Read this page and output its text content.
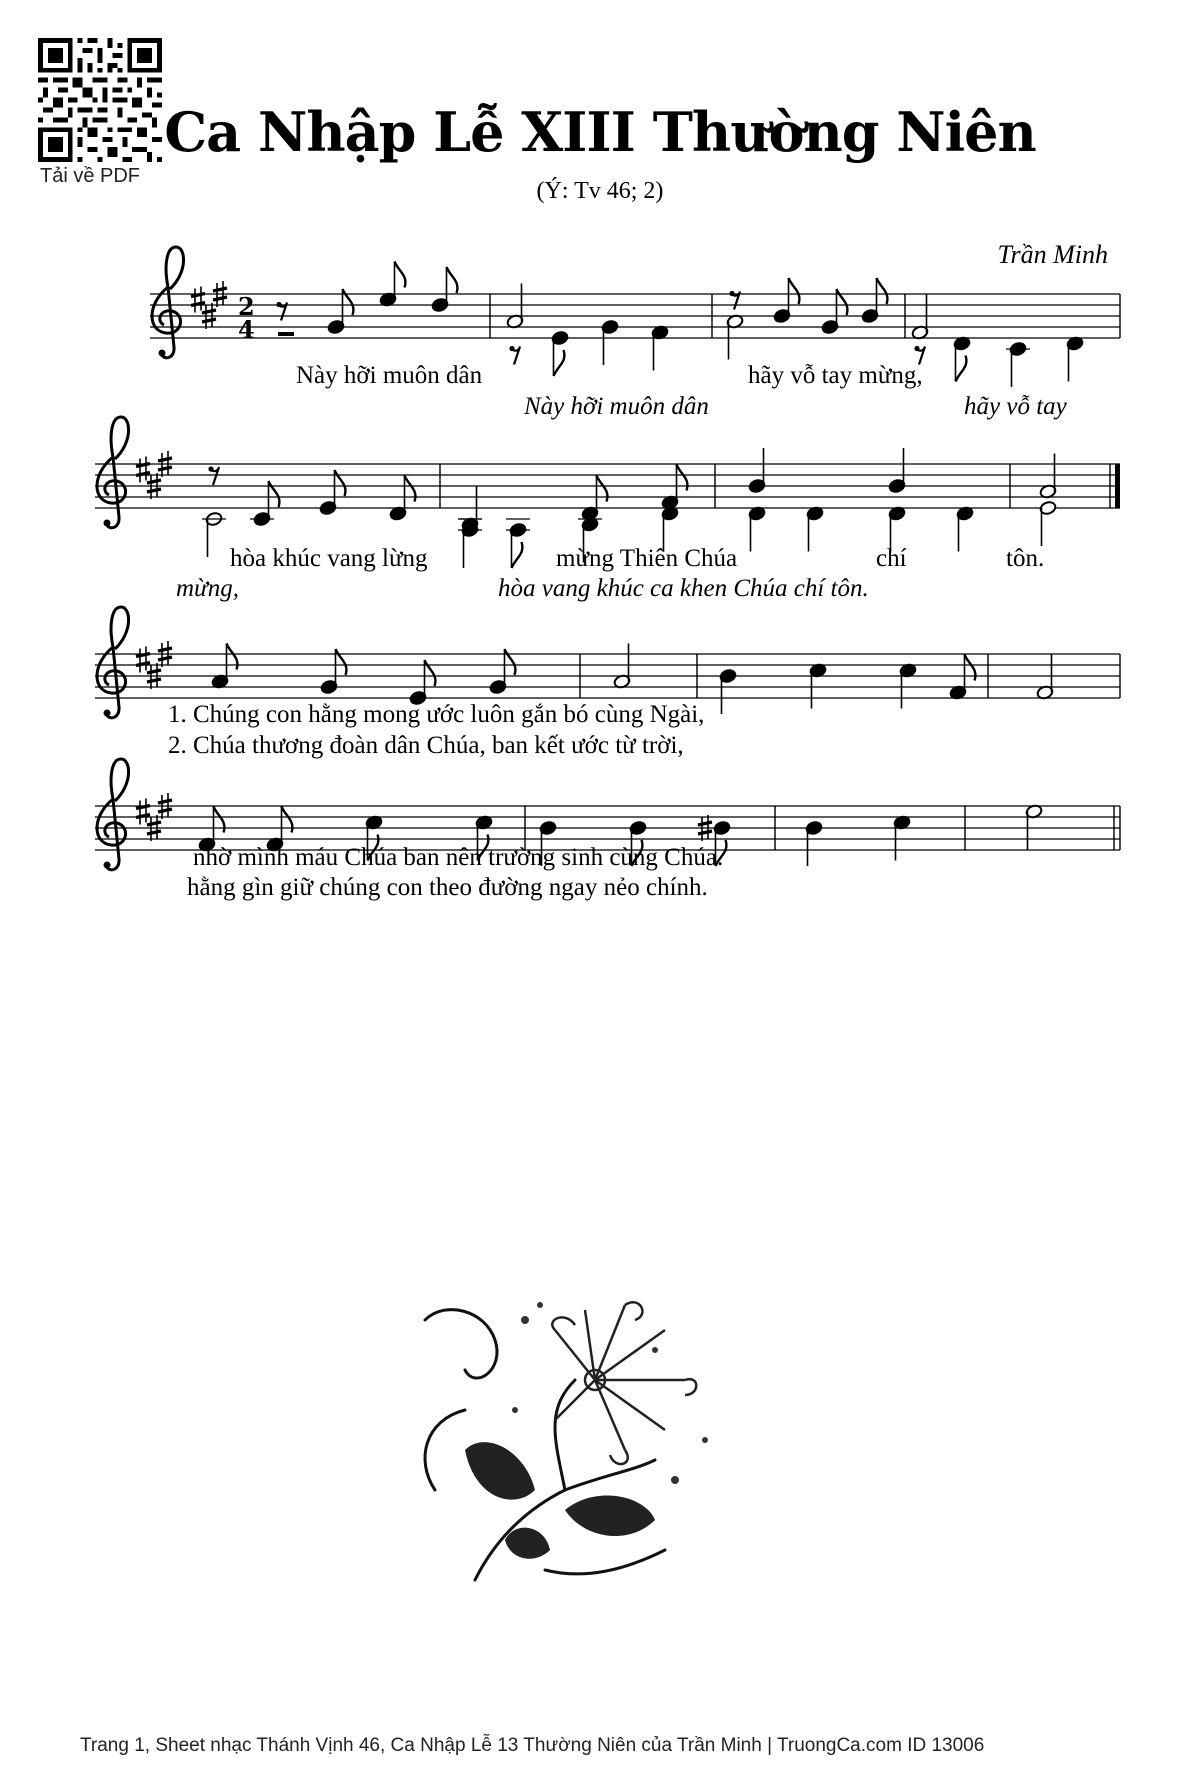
Tải về PDF
Ca Nhập Lễ XIII Thường Niên
(Ý: Tv 46; 2)
Trần Minh
2
4
Này hỡi muôn dân	hãy vỗ tay mừng,
Này hỡi muôn dân	hãy vỗ tay
hòa khúc vang lừng	mừng Thiên Chúa	chí	tôn.
mừng,	hòa vang khúc ca khen Chúa chí tôn.
1. Chúng con hằng mong ước luôn gắn bó cùng Ngài,
2. Chúa thương đoàn dân Chúa, ban kết ước từ trời,
nhờ mình máu Chúa ban nên trường sinh cùng Chúa.
hằng gìn giữ chúng con theo đường ngay nẻo chính.
Trang 1, Sheet nhạc Thánh Vịnh 46, Ca Nhập Lễ 13 Thường Niên của Trần Minh | TruongCa.com ID 13006
